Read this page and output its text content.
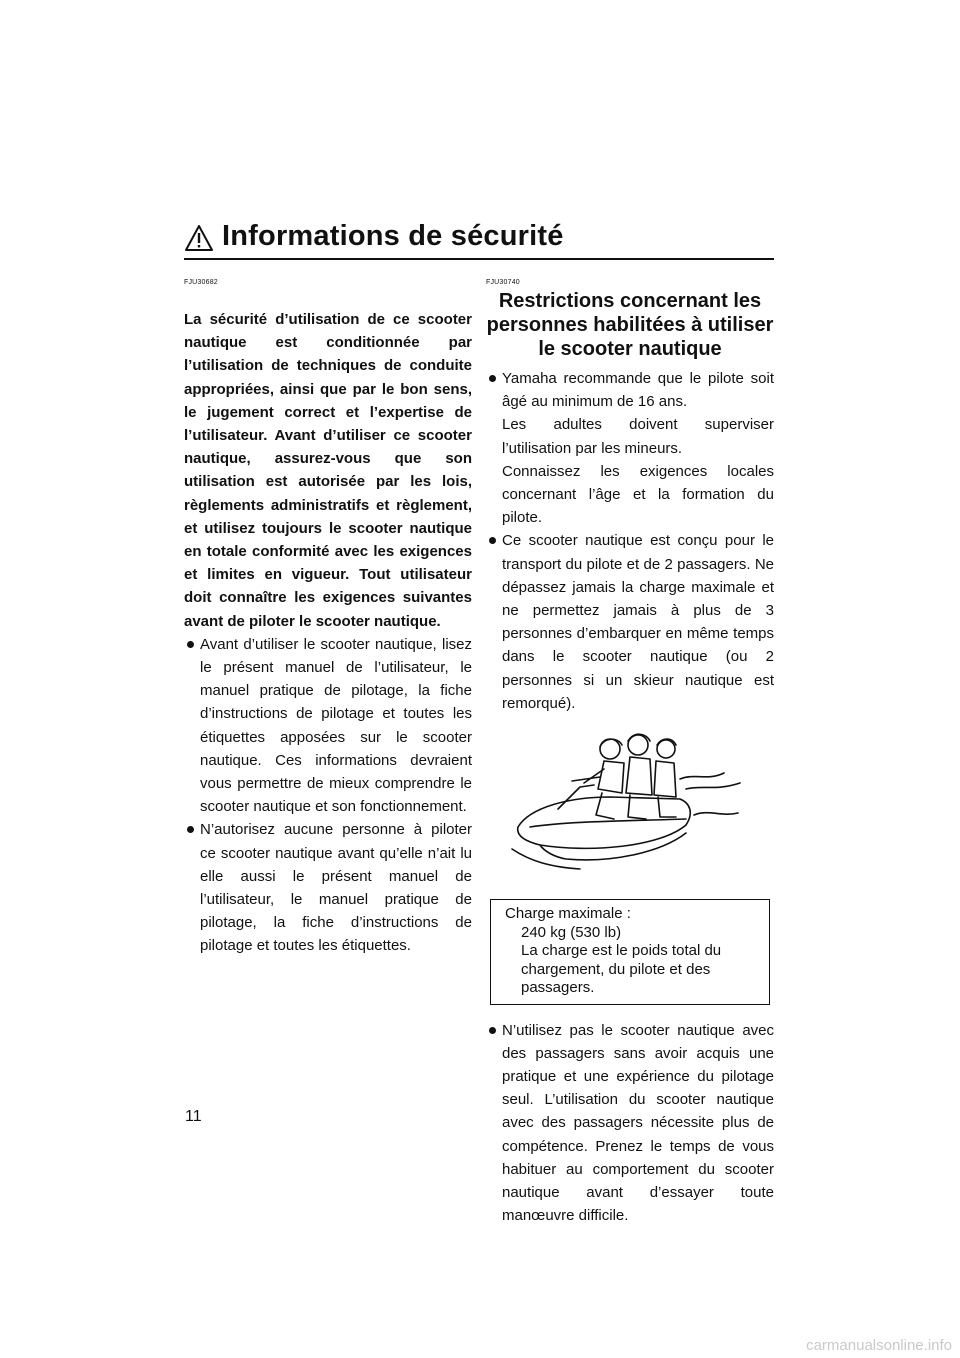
Informations de sécurité
FJU30682
La sécurité d’utilisation de ce scooter nautique est conditionnée par l’utilisation de techniques de conduite appropriées, ainsi que par le bon sens, le jugement correct et l’expertise de l’utilisateur. Avant d’utiliser ce scooter nautique, assurez-vous que son utilisation est autorisée par les lois, règlements administratifs et règlement, et utilisez toujours le scooter nautique en totale conformité avec les exigences et limites en vigueur. Tout utilisateur doit connaître les exigences suivantes avant de piloter le scooter nautique.

Avant d’utiliser le scooter nautique, lisez le présent manuel de l’utilisateur, le manuel pratique de pilotage, la fiche d’instructions de pilotage et toutes les étiquettes apposées sur le scooter nautique. Ces informations devraient vous permettre de mieux comprendre le scooter nautique et son fonctionnement.

N’autorisez aucune personne à piloter ce scooter nautique avant qu’elle n’ait lu elle aussi le présent manuel de l’utilisateur, le manuel pratique de pilotage, la fiche d’instructions de pilotage et toutes les étiquettes.

FJU30740
Restrictions concernant les personnes habilitées à utiliser le scooter nautique

Yamaha recommande que le pilote soit âgé au minimum de 16 ans.

Les adultes doivent superviser l’utilisation par les mineurs.

Connaissez les exigences locales concernant l’âge et la formation du pilote.

Ce scooter nautique est conçu pour le transport du pilote et de 2 passagers. Ne dépassez jamais la charge maximale et ne permettez jamais à plus de 3 personnes d’embarquer en même temps dans le scooter nautique (ou 2 personnes si un skieur nautique est remorqué).

Charge maximale :
240 kg (530 lb)
La charge est le poids total du chargement, du pilote et des passagers.

N’utilisez pas le scooter nautique avec des passagers sans avoir acquis une pratique et une expérience du pilotage seul. L’utilisation du scooter nautique avec des passagers nécessite plus de compétence. Prenez le temps de vous habituer au comportement du scooter nautique avant d’essayer toute manœuvre difficile.

11
carmanualsonline.info
